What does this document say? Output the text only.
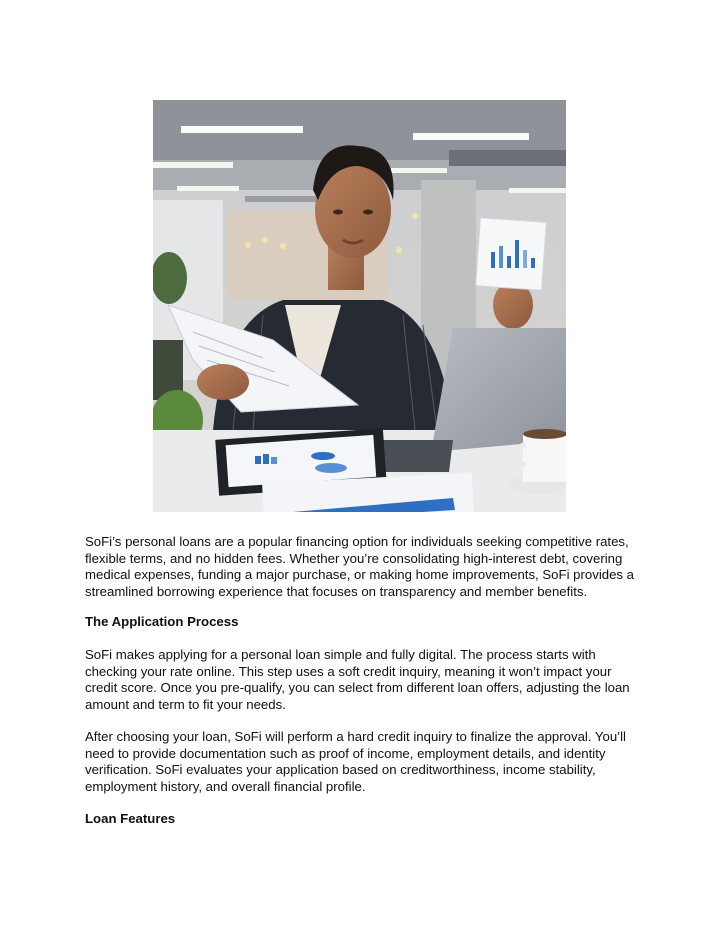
SoFi’s personal loans are a popular financing option for individuals seeking competitive rates, flexible terms, and no hidden fees. Whether you’re consolidating high-interest debt, covering medical expenses, funding a major purchase, or making home improvements, SoFi provides a streamlined borrowing experience that focuses on transparency and member benefits.

The Application Process

SoFi makes applying for a personal loan simple and fully digital. The process starts with checking your rate online. This step uses a soft credit inquiry, meaning it won’t impact your credit score. Once you pre-qualify, you can select from different loan offers, adjusting the loan amount and term to fit your needs.

After choosing your loan, SoFi will perform a hard credit inquiry to finalize the approval. You’ll need to provide documentation such as proof of income, employment details, and identity verification. SoFi evaluates your application based on creditworthiness, income stability, employment history, and overall financial profile.

Loan Features
